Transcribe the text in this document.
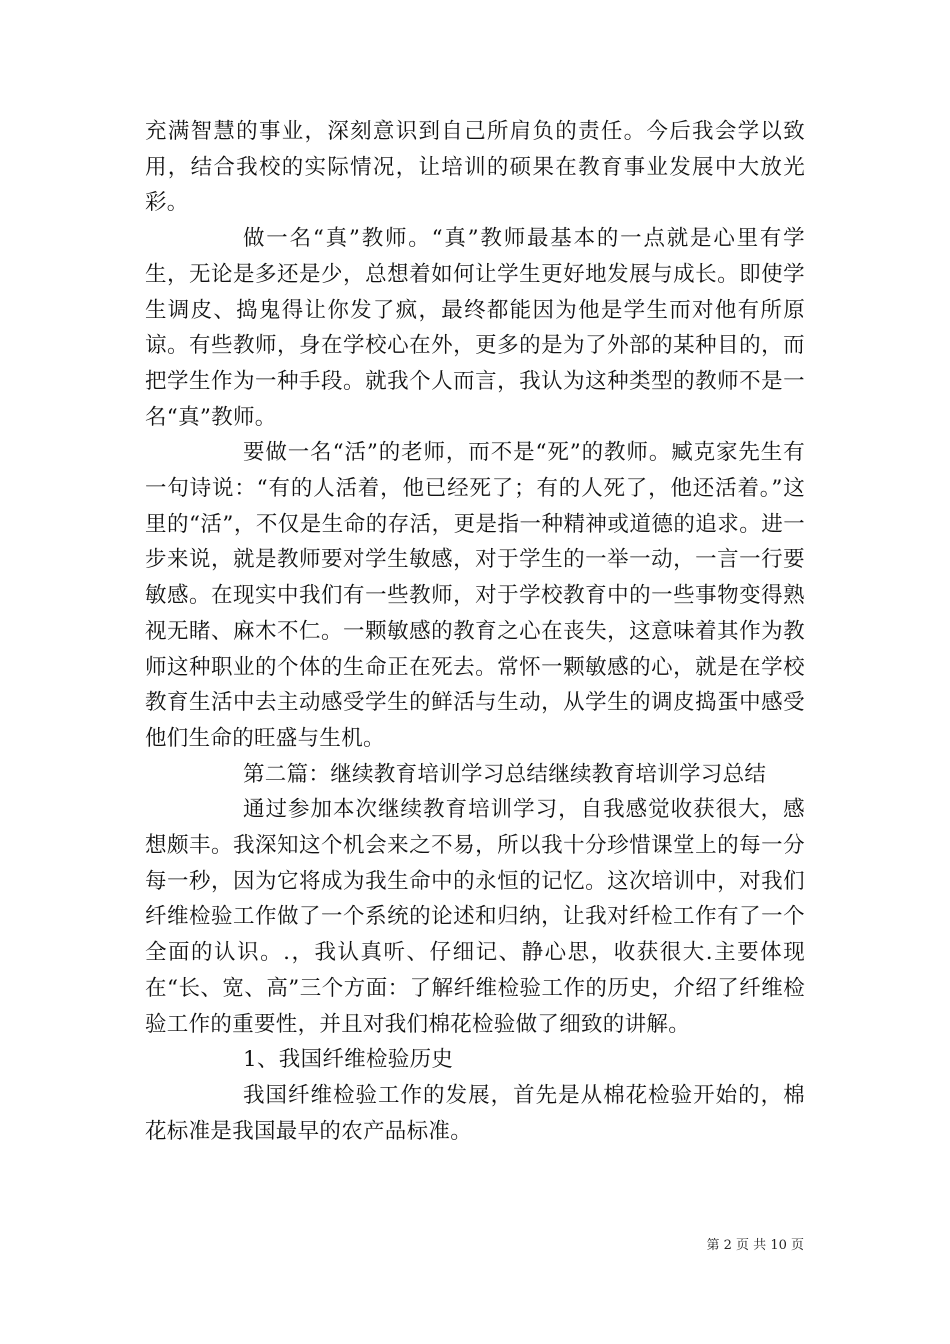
充满智慧的事业，深刻意识到自己所肩负的责任。今后我会学以致用，结合我校的实际情况，让培训的硕果在教育事业发展中大放光彩。

做一名“真”教师。“真”教师最基本的一点就是心里有学生，无论是多还是少，总想着如何让学生更好地发展与成长。即使学生调皮、捣鬼得让你发了疯，最终都能因为他是学生而对他有所原谅。有些教师，身在学校心在外，更多的是为了外部的某种目的，而把学生作为一种手段。就我个人而言，我认为这种类型的教师不是一名“真”教师。

要做一名“活”的老师，而不是“死”的教师。臧克家先生有一句诗说：“有的人活着，他已经死了；有的人死了，他还活着。”这里的“活”，不仅是生命的存活，更是指一种精神或道德的追求。进一步来说，就是教师要对学生敏感，对于学生的一举一动，一言一行要敏感。在现实中我们有一些教师，对于学校教育中的一些事物变得熟视无睹、麻木不仁。一颗敏感的教育之心在丧失，这意味着其作为教师这种职业的个体的生命正在死去。常怀一颗敏感的心，就是在学校教育生活中去主动感受学生的鲜活与生动，从学生的调皮捣蛋中感受他们生命的旺盛与生机。

第二篇：继续教育培训学习总结继续教育培训学习总结

通过参加本次继续教育培训学习，自我感觉收获很大，感想颇丰。我深知这个机会来之不易，所以我十分珍惜课堂上的每一分每一秒，因为它将成为我生命中的永恒的记忆。这次培训中，对我们纤维检验工作做了一个系统的论述和归纳，让我对纤检工作有了一个全面的认识。.，我认真听、仔细记、静心思，收获很大.主要体现在“长、宽、高”三个方面：了解纤维检验工作的历史，介绍了纤维检验工作的重要性，并且对我们棉花检验做了细致的讲解。

1、我国纤维检验历史

我国纤维检验工作的发展，首先是从棉花检验开始的，棉花标准是我国最早的农产品标准。

第 2 页 共 10 页
